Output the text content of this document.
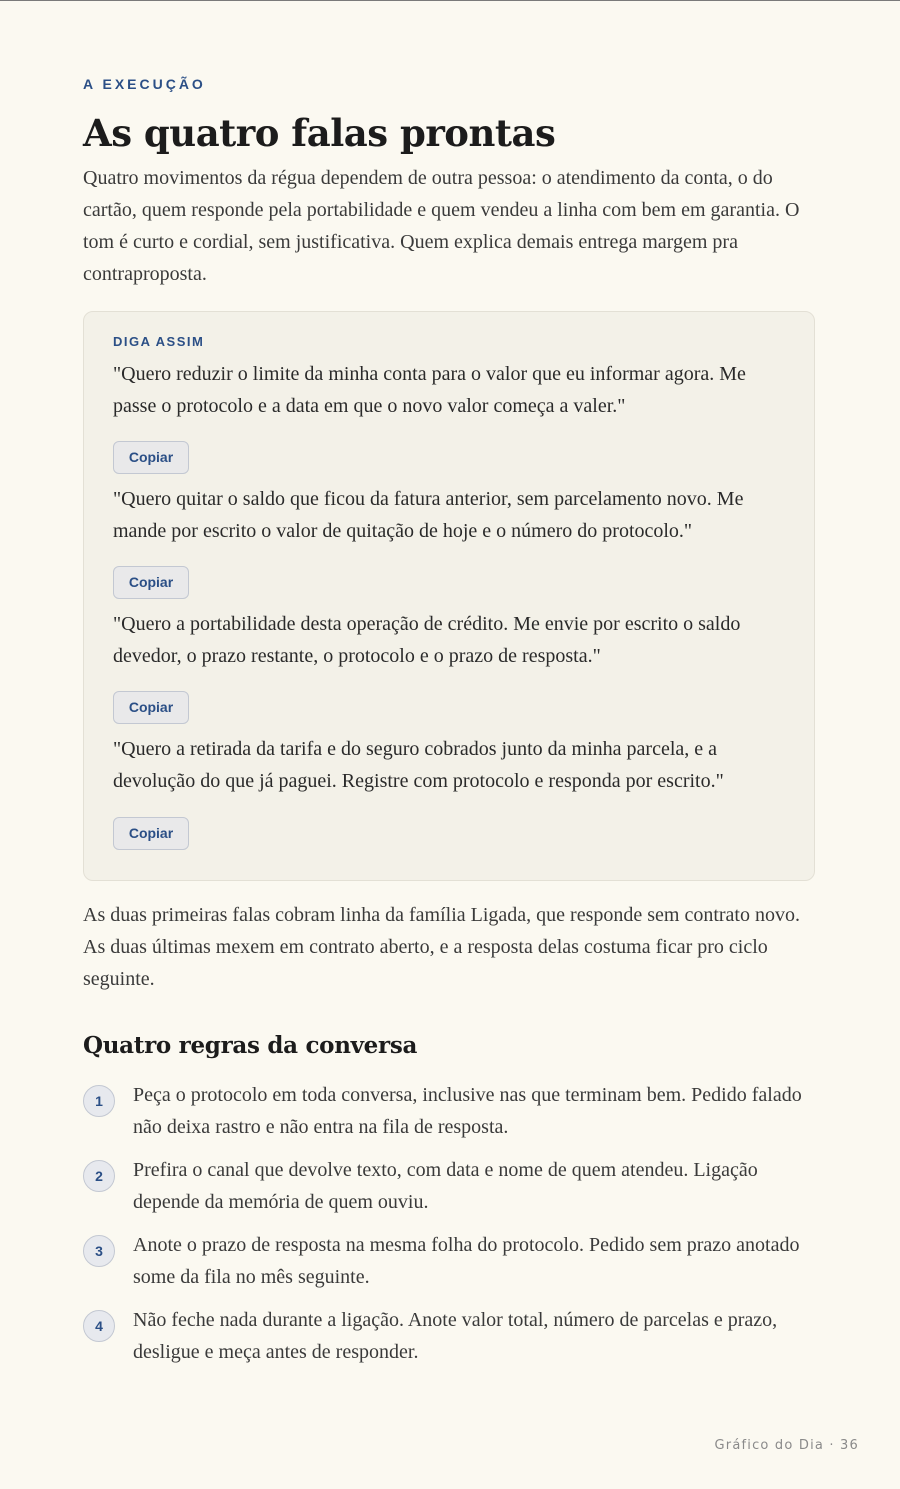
A EXECUÇÃO
As quatro falas prontas

Quatro movimentos da régua dependem de outra pessoa: o atendimento da conta, o do cartão, quem responde pela portabilidade e quem vendeu a linha com bem em garantia. O tom é curto e cordial, sem justificativa. Quem explica demais entrega margem pra contraproposta.

DIGA ASSIM
"Quero reduzir o limite da minha conta para o valor que eu informar agora. Me passe o protocolo e a data em que o novo valor começa a valer."
Copiar
"Quero quitar o saldo que ficou da fatura anterior, sem parcelamento novo. Me mande por escrito o valor de quitação de hoje e o número do protocolo."
Copiar
"Quero a portabilidade desta operação de crédito. Me envie por escrito o saldo devedor, o prazo restante, o protocolo e o prazo de resposta."
Copiar
"Quero a retirada da tarifa e do seguro cobrados junto da minha parcela, e a devolução do que já paguei. Registre com protocolo e responda por escrito."
Copiar

As duas primeiras falas cobram linha da família Ligada, que responde sem contrato novo. As duas últimas mexem em contrato aberto, e a resposta delas costuma ficar pro ciclo seguinte.

Quatro regras da conversa
1	Peça o protocolo em toda conversa, inclusive nas que terminam bem. Pedido falado não deixa rastro e não entra na fila de resposta.
2	Prefira o canal que devolve texto, com data e nome de quem atendeu. Ligação depende da memória de quem ouviu.
3	Anote o prazo de resposta na mesma folha do protocolo. Pedido sem prazo anotado some da fila no mês seguinte.
4	Não feche nada durante a ligação. Anote valor total, número de parcelas e prazo, desligue e meça antes de responder.
Gráfico do Dia · 36
